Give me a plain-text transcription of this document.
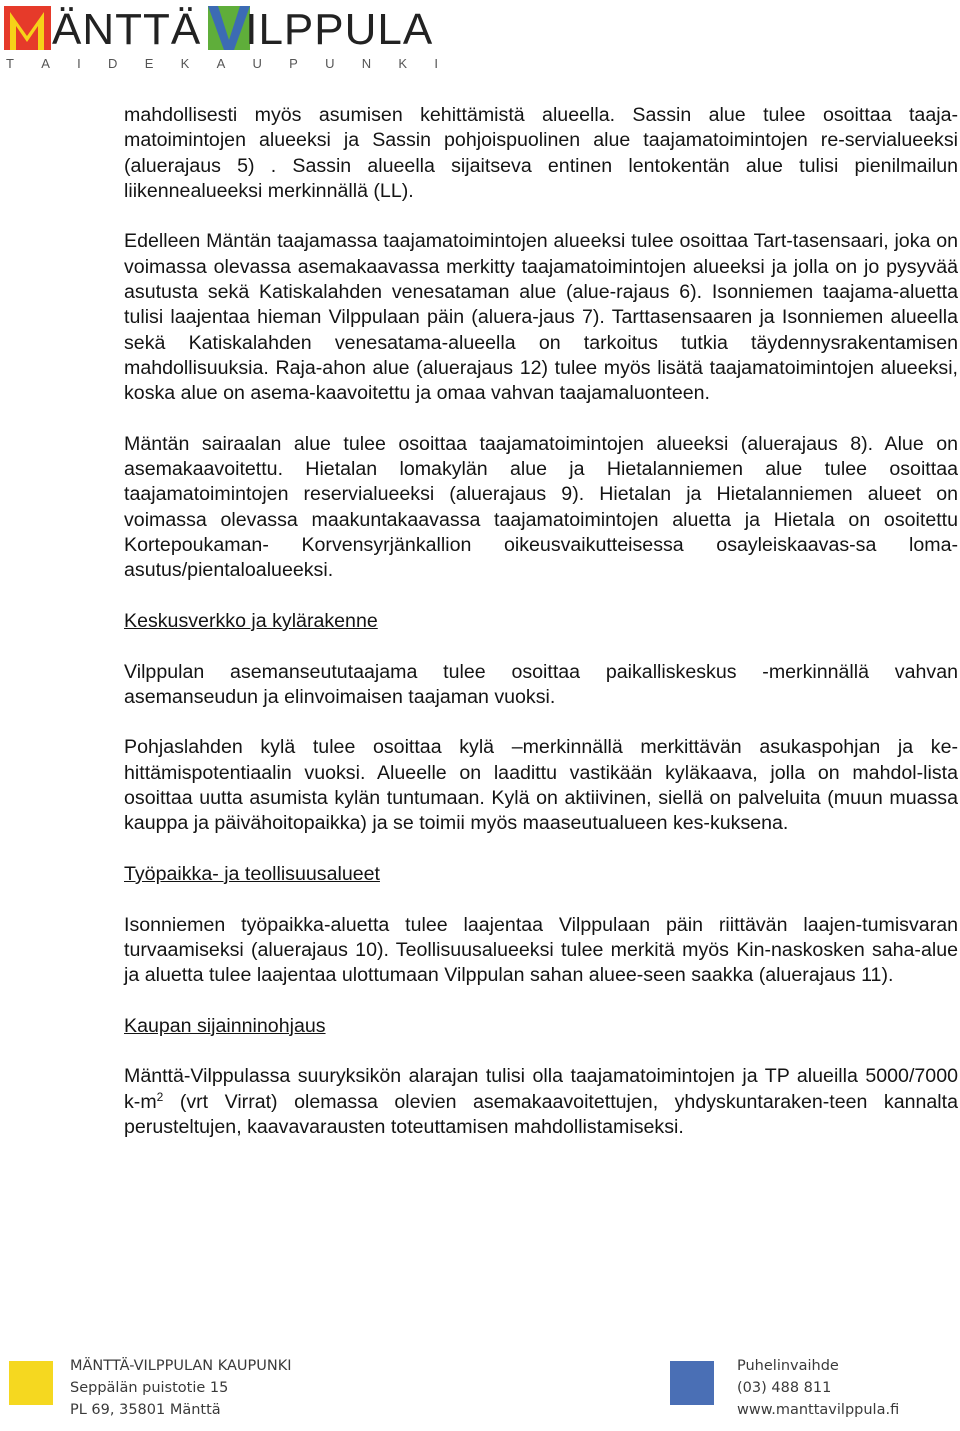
ÄNTTÄ ILPPULA
T A I D E K A U P U N K I

mahdollisesti myös asumisen kehittämistä alueella. Sassin alue tulee osoittaa taaja-matoimintojen alueeksi ja Sassin pohjoispuolinen alue taajamatoimintojen re-servialueeksi (aluerajaus 5) . Sassin alueella sijaitseva entinen lentokentän alue tulisi pienilmailun liikennealueeksi merkinnällä (LL).

Edelleen Mäntän taajamassa taajamatoimintojen alueeksi tulee osoittaa Tart-tasensaari, joka on voimassa olevassa asemakaavassa merkitty taajamatoimintojen alueeksi ja jolla on jo pysyvää asutusta sekä Katiskalahden venesataman alue (alue-rajaus 6). Isonniemen taajama-aluetta tulisi laajentaa hieman Vilppulaan päin (aluera-jaus 7). Tarttasensaaren ja Isonniemen alueella sekä Katiskalahden venesatama-alueella on tarkoitus tutkia täydennysrakentamisen mahdollisuuksia. Raja-ahon alue (aluerajaus 12) tulee myös lisätä taajamatoimintojen alueeksi, koska alue on asema-kaavoitettu ja omaa vahvan taajamaluonteen.

Mäntän sairaalan alue tulee osoittaa taajamatoimintojen alueeksi (aluerajaus 8). Alue on asemakaavoitettu. Hietalan lomakylän alue ja Hietalanniemen alue tulee osoittaa taajamatoimintojen reservialueeksi (aluerajaus 9). Hietalan ja Hietalanniemen alueet on voimassa olevassa maakuntakaavassa taajamatoimintojen aluetta ja Hietala on osoitettu Kortepoukaman- Korvensyrjänkallion oikeusvaikutteisessa osayleiskaavas-sa loma-asutus/pientaloalueeksi.

Keskusverkko ja kylärakenne

Vilppulan asemanseututaajama tulee osoittaa paikalliskeskus -merkinnällä vahvan asemanseudun ja elinvoimaisen taajaman vuoksi.

Pohjaslahden kylä tulee osoittaa kylä –merkinnällä merkittävän asukaspohjan ja ke-hittämispotentiaalin vuoksi. Alueelle on laadittu vastikään kyläkaava, jolla on mahdol-lista osoittaa uutta asumista kylän tuntumaan. Kylä on aktiivinen, siellä on palveluita (muun muassa kauppa ja päivähoitopaikka) ja se toimii myös maaseutualueen kes-kuksena.

Työpaikka- ja teollisuusalueet

Isonniemen työpaikka-aluetta tulee laajentaa Vilppulaan päin riittävän laajen-tumisvaran turvaamiseksi (aluerajaus 10). Teollisuusalueeksi tulee merkitä myös Kin-naskosken saha-alue ja aluetta tulee laajentaa ulottumaan Vilppulan sahan aluee-seen saakka (aluerajaus 11).

Kaupan sijainninohjaus

Mänttä-Vilppulassa suuryksikön alarajan tulisi olla taajamatoimintojen ja TP alueilla 5000/7000 $k-m^2$ (vrt Virrat) olemassa olevien asemakaavoitettujen, yhdyskuntaraken-teen kannalta perusteltujen, kaavavarausten toteuttamisen mahdollistamiseksi.

MÄNTTÄ-VILPPULAN KAUPUNKI
Seppälän puistotie 15
PL 69, 35801 Mänttä
Puhelinvaihde
(03) 488 811
www.manttavilppula.fi
